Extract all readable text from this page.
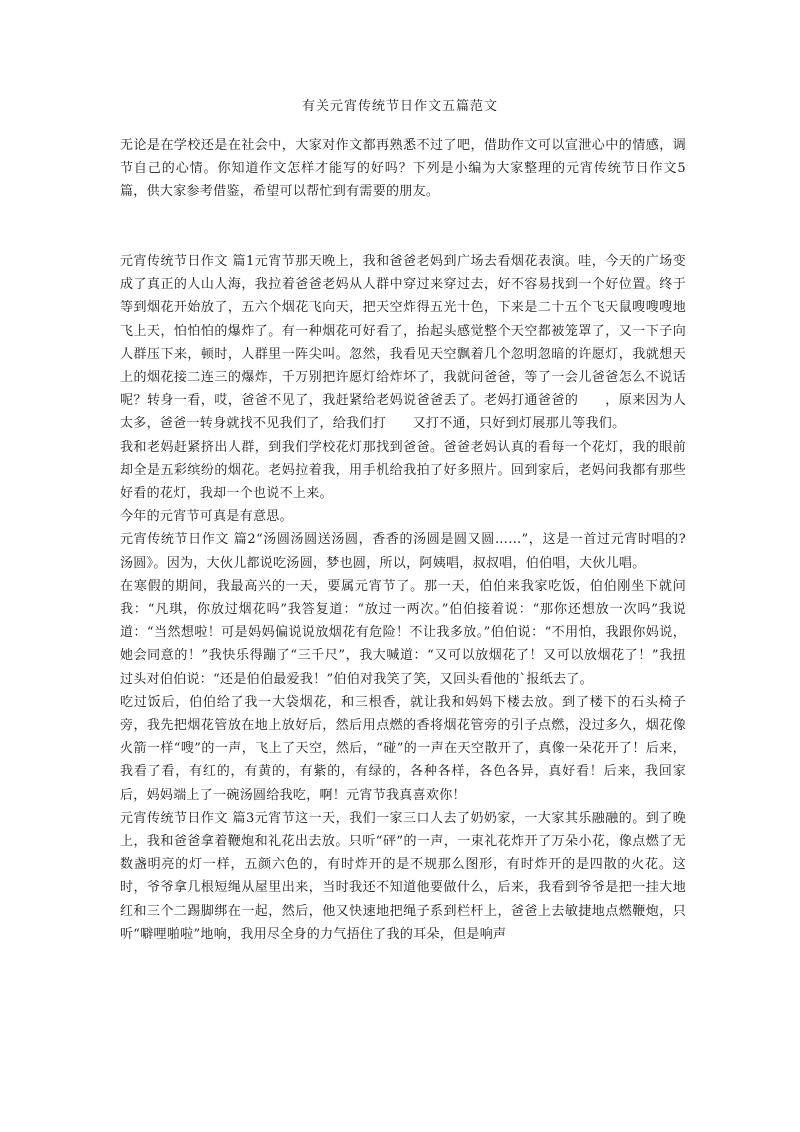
有关元宵传统节日作文五篇范文

无论是在学校还是在社会中，大家对作文都再熟悉不过了吧，借助作文可以宣泄心中的情感，调节自己的心情。你知道作文怎样才能写的好吗？下列是小编为大家整理的元宵传统节日作文5篇，供大家参考借鉴，希望可以帮忙到有需要的朋友。

元宵传统节日作文 篇1元宵节那天晚上，我和爸爸老妈到广场去看烟花表演。哇，今天的广场变成了真正的人山人海，我拉着爸爸老妈从人群中穿过来穿过去，好不容易找到一个好位置。终于等到烟花开始放了，五六个烟花飞向天，把天空炸得五光十色，下来是二十五个飞天鼠嗖嗖嗖地飞上天，怕怕怕的爆炸了。有一种烟花可好看了，抬起头感觉整个天空都被笼罩了，又一下子向人群压下来，顿时，人群里一阵尖叫。忽然，我看见天空飘着几个忽明忽暗的许愿灯，我就想天上的烟花接二连三的爆炸，千万别把许愿灯给炸坏了，我就问爸爸，等了一会儿爸爸怎么不说话呢？转身一看，哎，爸爸不见了，我赶紧给老妈说爸爸丢了。老妈打通爸爸的　　，原来因为人太多，爸爸一转身就找不见我们了，给我们打　　又打不通，只好到灯展那儿等我们。

我和老妈赶紧挤出人群，到我们学校花灯那找到爸爸。爸爸老妈认真的看每一个花灯，我的眼前却全是五彩缤纷的烟花。老妈拉着我，用手机给我拍了好多照片。回到家后，老妈问我都有那些好看的花灯，我却一个也说不上来。

今年的元宵节可真是有意思。

元宵传统节日作文 篇2“汤圆汤圆送汤圆，香香的汤圆是圆又圆……”，这是一首过元宵时唱的?汤圆》。因为，大伙儿都说吃汤圆，梦也圆，所以，阿姨唱，叔叔唱，伯伯唱，大伙儿唱。

在寒假的期间，我最高兴的一天，要属元宵节了。那一天，伯伯来我家吃饭，伯伯刚坐下就问我：“凡琪，你放过烟花吗”我答复道：“放过一两次。”伯伯接着说：“那你还想放一次吗”我说道：“当然想啦！可是妈妈偏说说放烟花有危险！不让我多放。”伯伯说：“不用怕，我跟你妈说，她会同意的！”我快乐得蹦了“三千尺”，我大喊道：“又可以放烟花了！又可以放烟花了！”我扭过头对伯伯说：“还是伯伯最爱我！”伯伯对我笑了笑，又回头看他的`报纸去了。

吃过饭后，伯伯给了我一大袋烟花，和三根香，就让我和妈妈下楼去放。到了楼下的石头椅子旁，我先把烟花管放在地上放好后，然后用点燃的香将烟花管旁的引子点燃，没过多久，烟花像火箭一样“嗖”的一声，飞上了天空，然后，“碰”的一声在天空散开了，真像一朵花开了！后来，我看了看，有红的，有黄的，有紫的，有绿的，各种各样，各色各异，真好看！后来，我回家后，妈妈端上了一碗汤圆给我吃，啊！元宵节我真喜欢你！

元宵传统节日作文 篇3元宵节这一天，我们一家三口人去了奶奶家，一大家其乐融融的。到了晚上，我和爸爸拿着鞭炮和礼花出去放。只听“砰”的一声，一束礼花炸开了万朵小花，像点燃了无数盏明亮的灯一样，五颜六色的，有时炸开的是不规那么图形，有时炸开的是四散的火花。这时，爷爷拿几根短绳从屋里出来，当时我还不知道他要做什么，后来，我看到爷爷是把一挂大地红和三个二踢脚绑在一起，然后，他又快速地把绳子系到栏杆上，爸爸上去敏捷地点燃鞭炮，只听“噼哩啪啦”地响，我用尽全身的力气捂住了我的耳朵，但是响声
